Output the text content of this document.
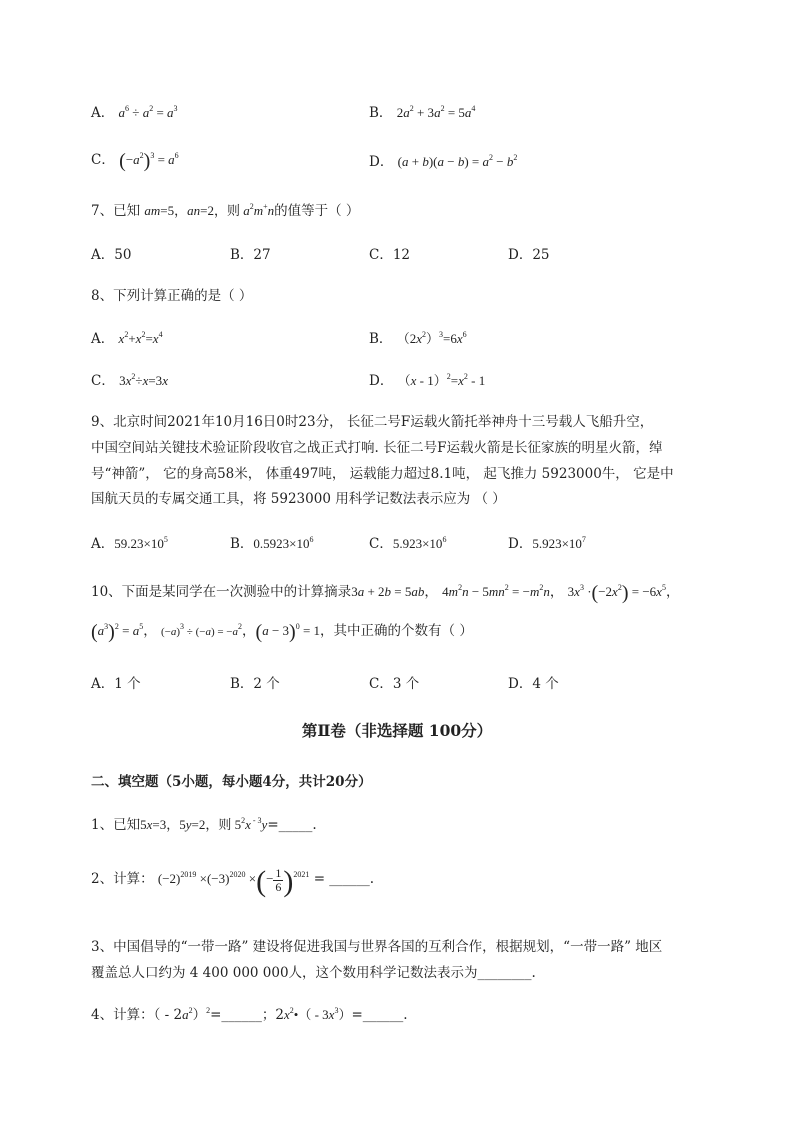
A． $a^6 \div a^2 = a^3$	B． $2a^2 + 3a^2 = 5a^4$
C． $(-a^2)^3 = a^6$	D． $(a + b)(a - b) = a^2 - b^2$
7、已知 am=5，an=2，则 $a^2m^+n$的值等于（ ）
A．50	B．27	C．12	D．25
8、下列计算正确的是（ ）
A． $x^2+x^2=x^4$	B． $(2x^2)^3=6x^6$
C． $3x^2\div x=3x$	D． $(x - 1)^2=x^2 - 1$
9、北京时间2021年10月16日0时23分， 长征二号F运载火箭托举神舟十三号载人飞船升空，
中国空间站关键技术验证阶段收官之战正式打响. 长征二号F运载火箭是长征家族的明星火箭，绰
号“神箭”， 它的身高58米， 体重497吨， 运载能力超过8.1吨， 起飞推力 5923000牛， 它是中
国航天员的专属交通工具，将 5923000 用科学记数法表示应为 （ ）
A．$59.23\times 10^5$	B．$0.5923\times 10^6$	C．$5.923\times 10^6$	D．$5.923\times 10^7$
10、下面是某同学在一次测验中的计算摘录3a + 2b = 5ab， $4m^2n - 5mn^2 = -m^2n$， $3x^3 \cdot(-2x^2) = -6x^5$，
$(a^3)^2 = a^5$， $(-a)^3 \div (-a) = -a^2$，$(a - 3)^0 = 1$，其中正确的个数有（ ）
A．1 个	B．2 个	C．3 个	D．4 个
第Ⅱ卷（非选择题 100分）
二、填空题（5小题，每小题4分，共计20分）
1、已知5x=3，5y=2，则 $5^2x$ $^{- 3}$y=_____.
2、计算： $(-2)^{2019} \times(-3)^{2020}$ ×(− $\frac{1}{6} )^{2021}$ = ______.
3、中国倡导的“一带一路” 建设将促进我国与世界各国的互利合作，根据规划，“一带一路” 地区
覆盖总人口约为 4 400 000 000人，这个数用科学记数法表示为________.
4、计算：（ - $2a^2)^2=\_\_\_\_\_\_$；$2x^2•$（ - $3x^3)=\_\_\_\_\_\_$.
